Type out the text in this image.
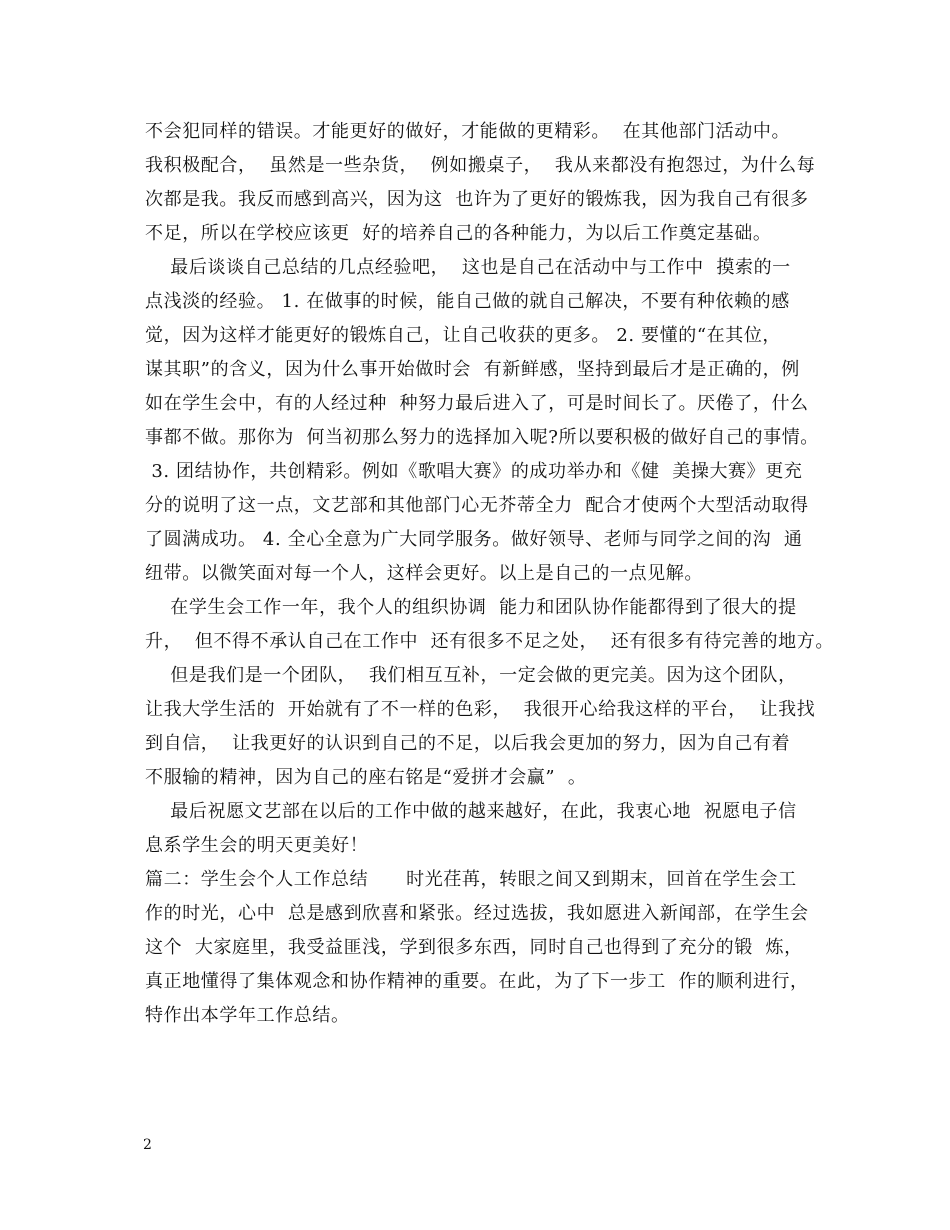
不会犯同样的错误。才能更好的做好，才能做的更精彩。  在其他部门活动中。
我积极配合，  虽然是一些杂货，  例如搬桌子，  我从来都没有抱怨过，为什么每
次都是我。我反而感到高兴，因为这  也许为了更好的锻炼我，因为我自己有很多
不足，所以在学校应该更  好的培养自己的各种能力，为以后工作奠定基础。
最后谈谈自己总结的几点经验吧，  这也是自己在活动中与工作中  摸索的一
点浅淡的经验。 1. 在做事的时候，能自己做的就自己解决，不要有种依赖的感
觉，因为这样才能更好的锻炼自己，让自己收获的更多。 2. 要懂的“在其位，
谋其职”的含义，因为什么事开始做时会  有新鲜感，坚持到最后才是正确的，例
如在学生会中，有的人经过种  种努力最后进入了，可是时间长了。厌倦了，什么
事都不做。那你为  何当初那么努力的选择加入呢?所以要积极的做好自己的事情。
3. 团结协作，共创精彩。例如《歌唱大赛》的成功举办和《健  美操大赛》更充
分的说明了这一点，文艺部和其他部门心无芥蒂全力  配合才使两个大型活动取得
了圆满成功。 4. 全心全意为广大同学服务。做好领导、老师与同学之间的沟  通
纽带。以微笑面对每一个人，这样会更好。以上是自己的一点见解。
在学生会工作一年，我个人的组织协调  能力和团队协作能都得到了很大的提
升，  但不得不承认自己在工作中  还有很多不足之处，  还有很多有待完善的地方。
但是我们是一个团队，  我们相互互补，一定会做的更完美。因为这个团队，
让我大学生活的  开始就有了不一样的色彩，  我很开心给我这样的平台，  让我找
到自信，  让我更好的认识到自己的不足，以后我会更加的努力，因为自己有着
不服输的精神，因为自己的座右铭是“爱拼才会赢”  。
最后祝愿文艺部在以后的工作中做的越来越好，在此，我衷心地  祝愿电子信
息系学生会的明天更美好！
篇二：学生会个人工作总结      时光荏苒，转眼之间又到期末，回首在学生会工
作的时光，心中  总是感到欣喜和紧张。经过选拔，我如愿进入新闻部，在学生会
这个  大家庭里，我受益匪浅，学到很多东西，同时自己也得到了充分的锻  炼，
真正地懂得了集体观念和协作精神的重要。在此，为了下一步工  作的顺利进行，
特作出本学年工作总结。
2
